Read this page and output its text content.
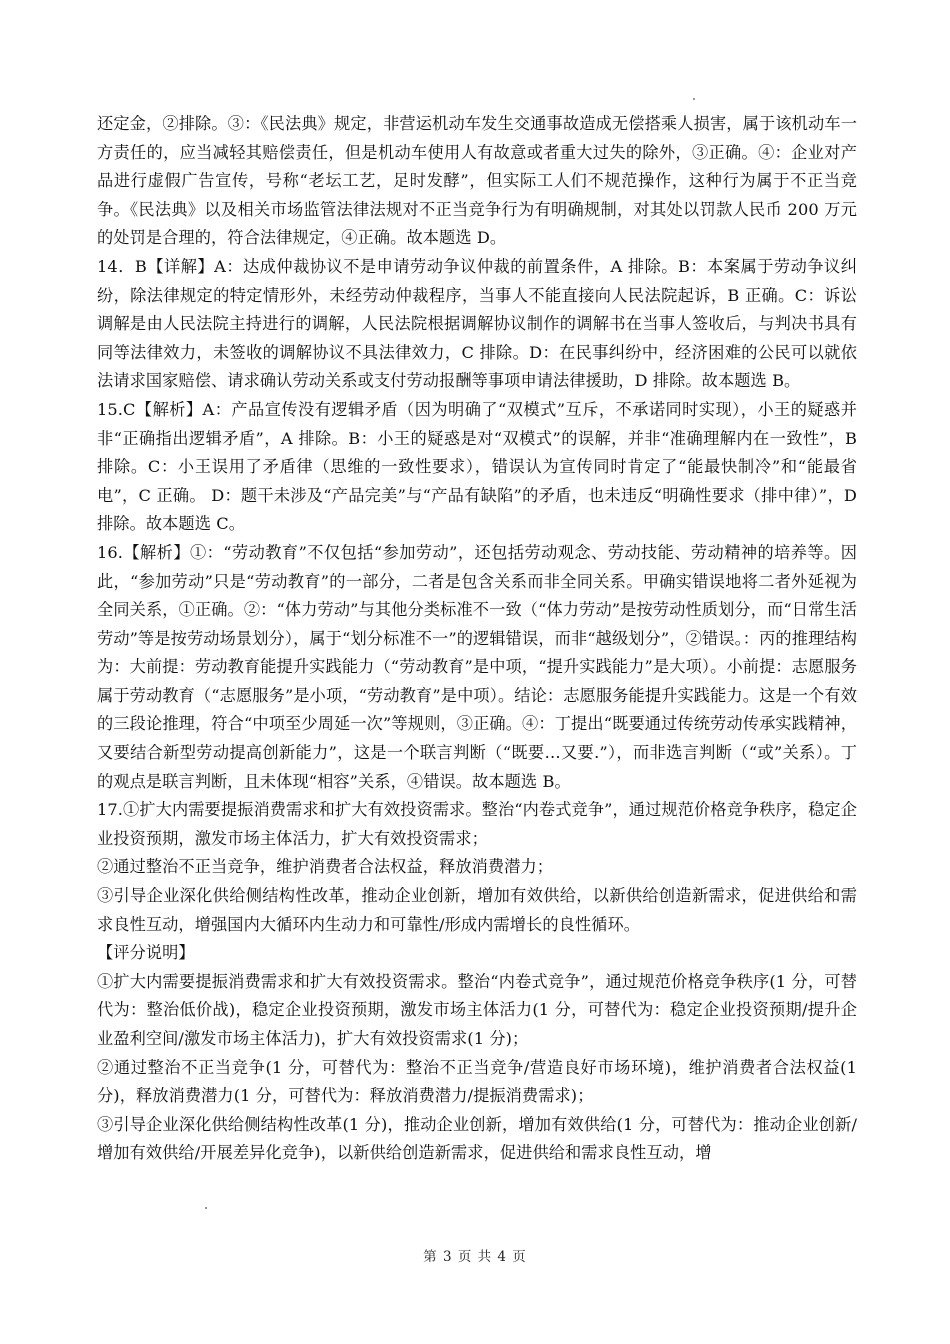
还定金，②排除。③：《民法典》规定，非营运机动车发生交通事故造成无偿搭乘人损害，属于该机动车一方责任的，应当减轻其赔偿责任，但是机动车使用人有故意或者重大过失的除外，③正确。④：企业对产品进行虚假广告宣传，号称“老坛工艺，足时发酵”，但实际工人们不规范操作，这种行为属于不正当竞争。《民法典》以及相关市场监管法律法规对不正当竞争行为有明确规制，对其处以罚款人民币 200 万元的处罚是合理的，符合法律规定，④正确。故本题选 D。

14．B【详解】A：达成仲裁协议不是申请劳动争议仲裁的前置条件，A 排除。B：本案属于劳动争议纠纷，除法律规定的特定情形外，未经劳动仲裁程序，当事人不能直接向人民法院起诉，B 正确。C：诉讼调解是由人民法院主持进行的调解，人民法院根据调解协议制作的调解书在当事人签收后，与判决书具有同等法律效力，未签收的调解协议不具法律效力，C 排除。D：在民事纠纷中，经济困难的公民可以就依法请求国家赔偿、请求确认劳动关系或支付劳动报酬等事项申请法律援助，D 排除。故本题选 B。

15.C【解析】A：产品宣传没有逻辑矛盾（因为明确了“双模式”互斥，不承诺同时实现），小王的疑惑并非“正确指出逻辑矛盾”，A 排除。B：小王的疑惑是对“双模式”的误解，并非“准确理解内在一致性”，B 排除。C：小王误用了矛盾律（思维的一致性要求），错误认为宣传同时肯定了“能最快制冷”和“能最省电”，C 正确。 D：题干未涉及“产品完美”与“产品有缺陷”的矛盾，也未违反“明确性要求（排中律）”，D 排除。故本题选 C。

16.【解析】①：“劳动教育”不仅包括“参加劳动”，还包括劳动观念、劳动技能、劳动精神的培养等。因此，“参加劳动”只是“劳动教育”的一部分，二者是包含关系而非全同关系。甲确实错误地将二者外延视为全同关系，①正确。②：“体力劳动”与其他分类标准不一致（“体力劳动”是按劳动性质划分，而“日常生活劳动”等是按劳动场景划分），属于“划分标准不一”的逻辑错误，而非“越级划分”，②错误。：丙的推理结构为：大前提：劳动教育能提升实践能力（“劳动教育”是中项，“提升实践能力”是大项）。小前提：志愿服务属于劳动教育（“志愿服务”是小项，“劳动教育”是中项）。结论：志愿服务能提升实践能力。这是一个有效的三段论推理，符合“中项至少周延一次”等规则，③正确。④：丁提出“既要通过传统劳动传承实践精神，又要结合新型劳动提高创新能力”，这是一个联言判断（“既要…又要.”），而非选言判断（“或”关系）。丁的观点是联言判断，且未体现“相容”关系，④错误。故本题选 B。

17.①扩大内需要提振消费需求和扩大有效投资需求。整治“内卷式竞争”，通过规范价格竞争秩序，稳定企业投资预期，激发市场主体活力，扩大有效投资需求；

②通过整治不正当竞争，维护消费者合法权益，释放消费潜力；

③引导企业深化供给侧结构性改革，推动企业创新，增加有效供给，以新供给创造新需求，促进供给和需求良性互动，增强国内大循环内生动力和可靠性/形成内需增长的良性循环。

【评分说明】

①扩大内需要提振消费需求和扩大有效投资需求。整治“内卷式竞争”，通过规范价格竞争秩序(1 分，可替代为：整治低价战)，稳定企业投资预期，激发市场主体活力(1 分，可替代为：稳定企业投资预期/提升企业盈利空间/激发市场主体活力)，扩大有效投资需求(1 分)；

②通过整治不正当竞争(1 分，可替代为：整治不正当竞争/营造良好市场环境)，维护消费者合法权益(1 分)，释放消费潜力(1 分，可替代为：释放消费潜力/提振消费需求)；

③引导企业深化供给侧结构性改革(1 分)，推动企业创新，增加有效供给(1 分，可替代为：推动企业创新/增加有效供给/开展差异化竞争)，以新供给创造新需求，促进供给和需求良性互动，增

第 3 页 共 4 页
